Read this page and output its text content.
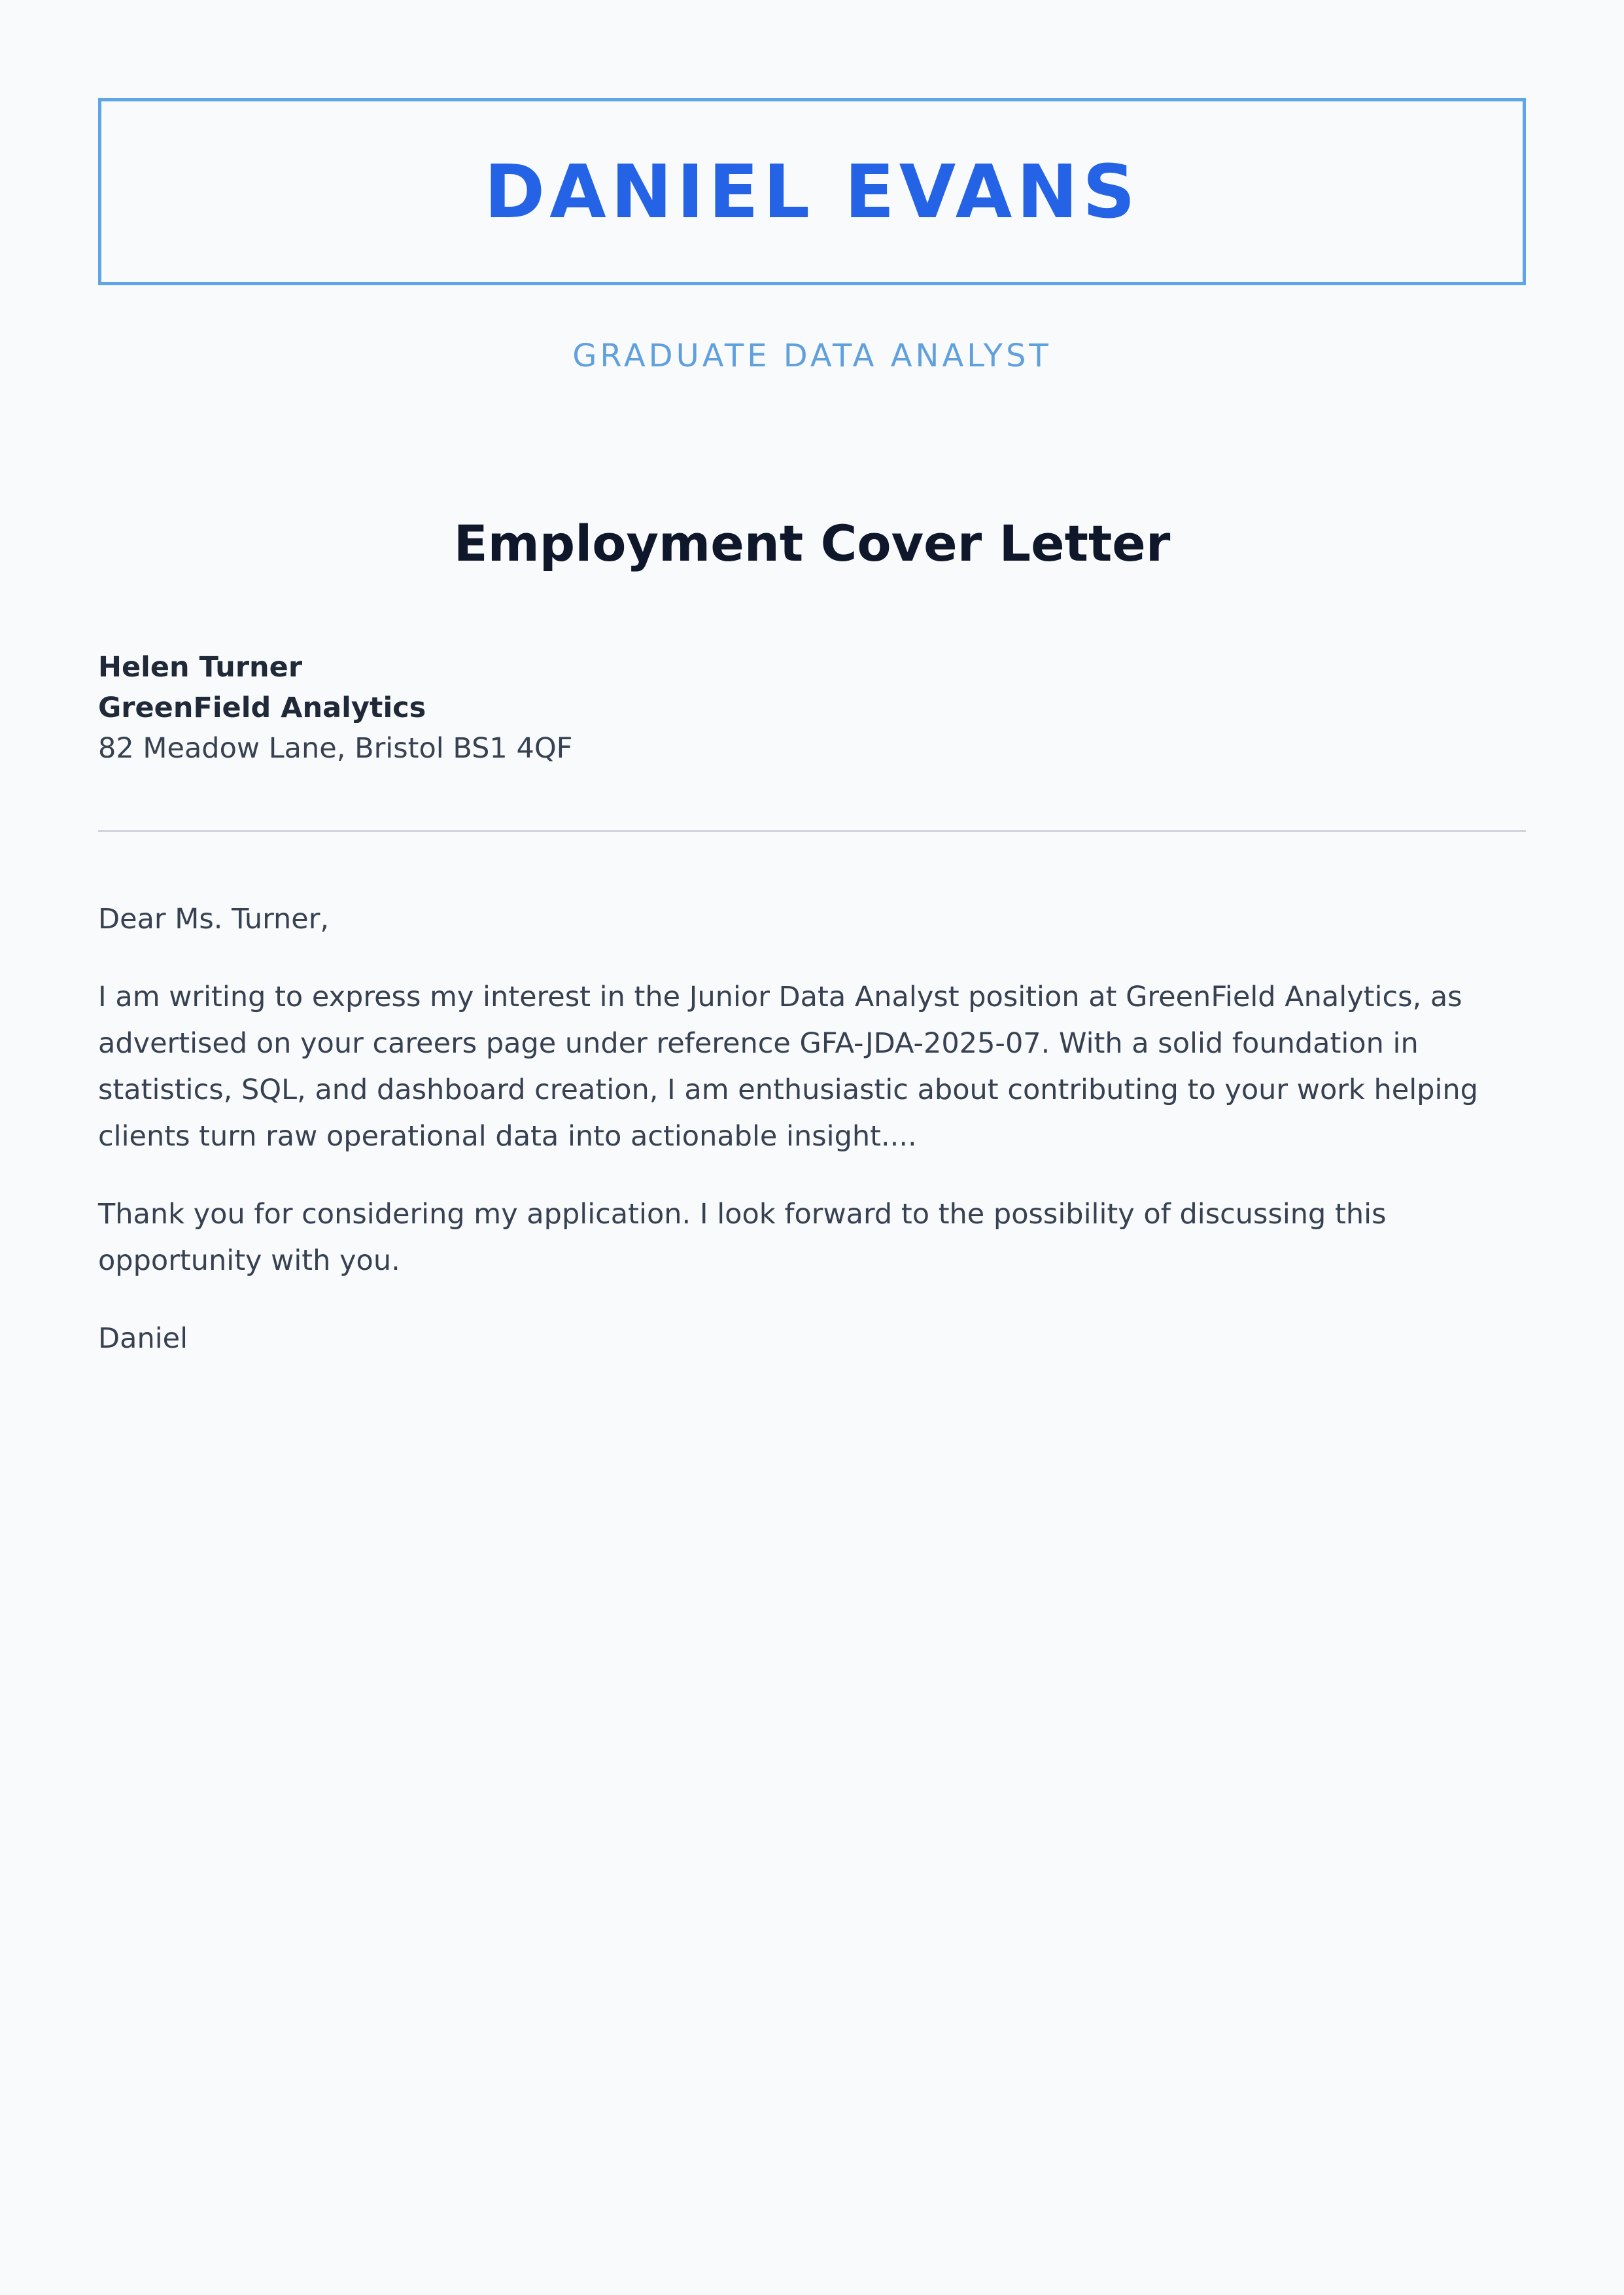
DANIEL EVANS
GRADUATE DATA ANALYST
Employment Cover Letter
Helen Turner
GreenField Analytics
82 Meadow Lane, Bristol BS1 4QF

Dear Ms. Turner,

I am writing to express my interest in the Junior Data Analyst position at GreenField Analytics, as advertised on your careers page under reference GFA-JDA-2025-07. With a solid foundation in statistics, SQL, and dashboard creation, I am enthusiastic about contributing to your work helping clients turn raw operational data into actionable insight....

Thank you for considering my application. I look forward to the possibility of discussing this opportunity with you.

Daniel
